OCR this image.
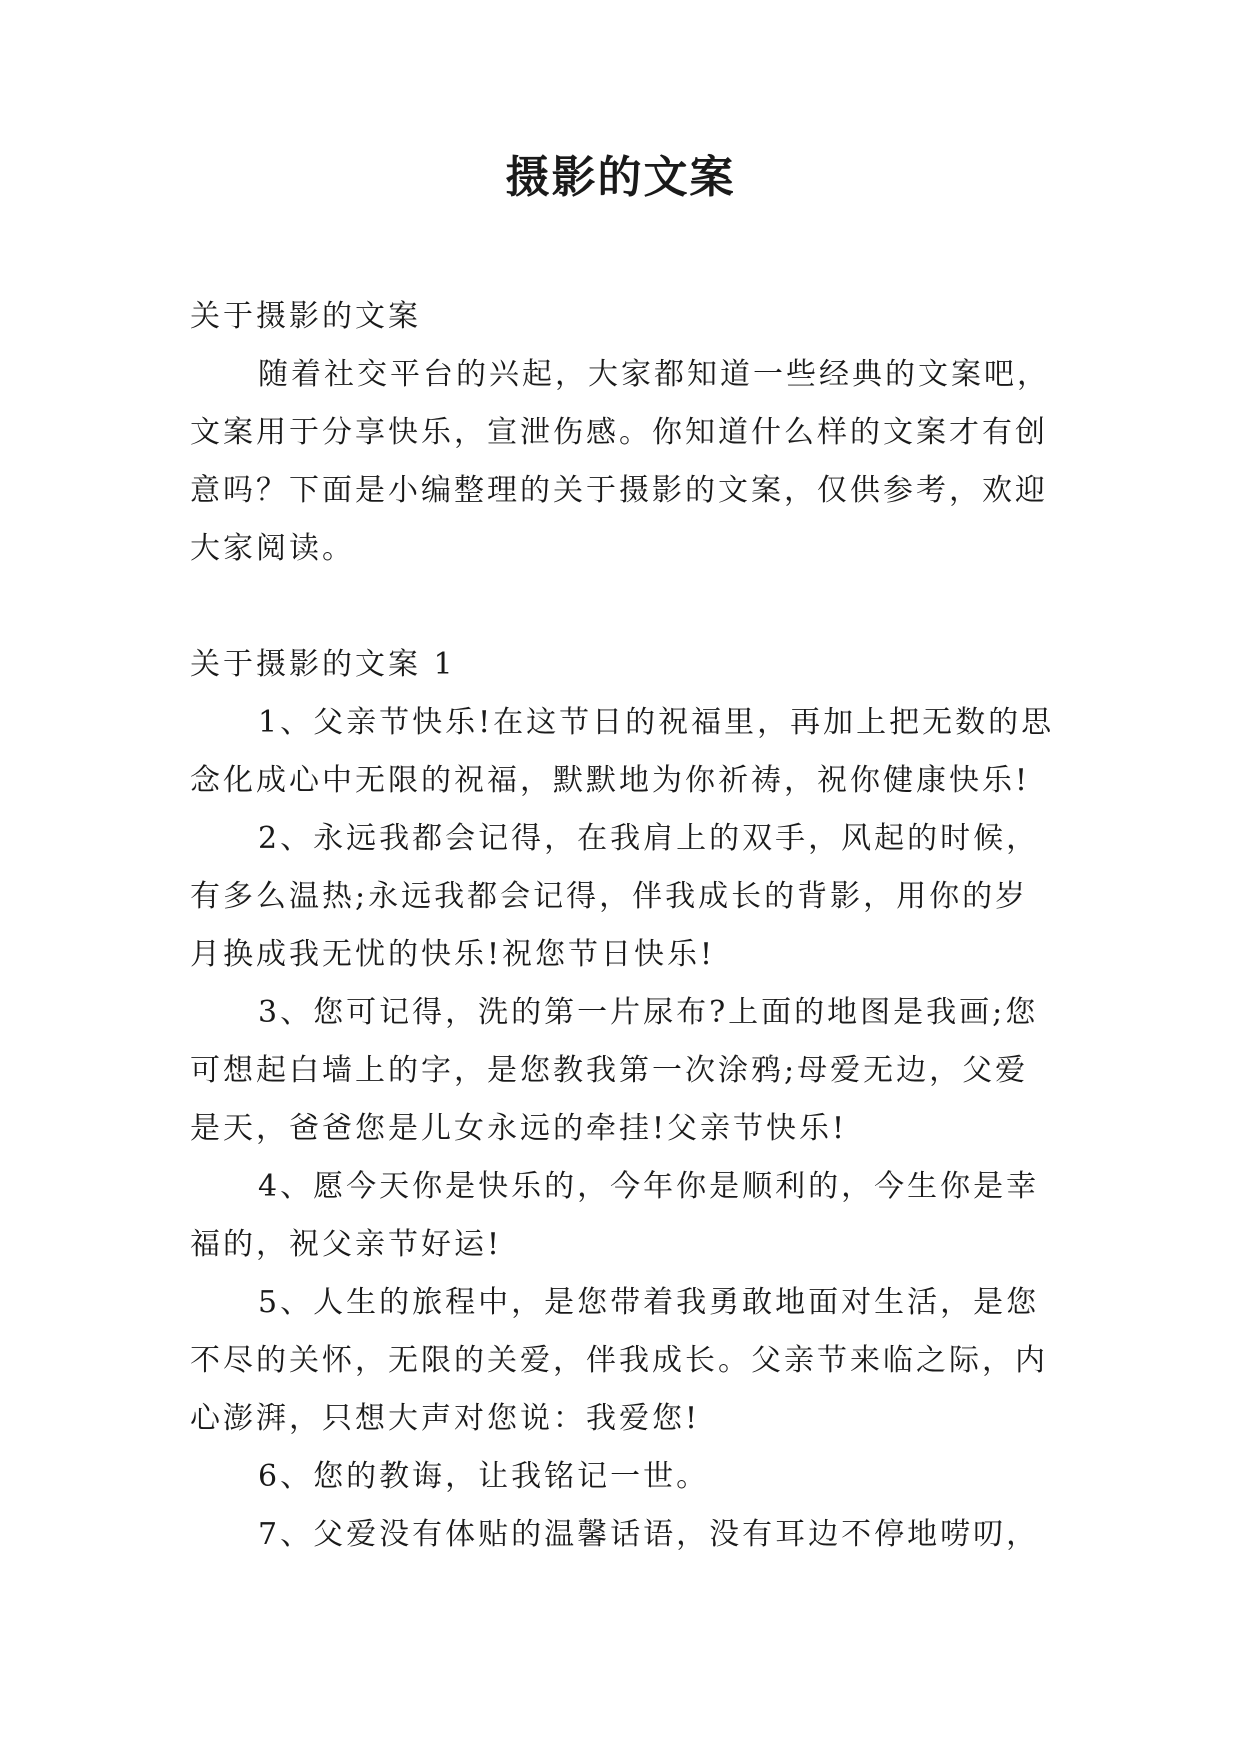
摄影的文案
关于摄影的文案
随着社交平台的兴起，大家都知道一些经典的文案吧，
文案用于分享快乐，宣泄伤感。你知道什么样的文案才有创
意吗？下面是小编整理的关于摄影的文案，仅供参考，欢迎
大家阅读。
关于摄影的文案 1
1、父亲节快乐!在这节日的祝福里，再加上把无数的思
念化成心中无限的祝福，默默地为你祈祷，祝你健康快乐!
2、永远我都会记得，在我肩上的双手，风起的时候，
有多么温热;永远我都会记得，伴我成长的背影，用你的岁
月换成我无忧的快乐!祝您节日快乐!
3、您可记得，洗的第一片尿布?上面的地图是我画;您
可想起白墙上的字，是您教我第一次涂鸦;母爱无边，父爱
是天，爸爸您是儿女永远的牵挂!父亲节快乐!
4、愿今天你是快乐的，今年你是顺利的，今生你是幸
福的，祝父亲节好运!
5、人生的旅程中，是您带着我勇敢地面对生活，是您
不尽的关怀，无限的关爱，伴我成长。父亲节来临之际，内
心澎湃，只想大声对您说：我爱您!
6、您的教诲，让我铭记一世。
7、父爱没有体贴的温馨话语，没有耳边不停地唠叨，
